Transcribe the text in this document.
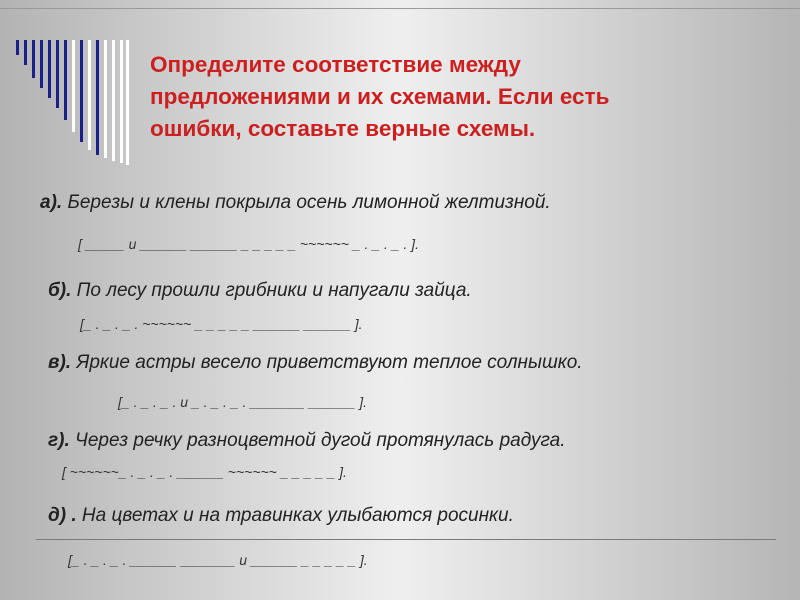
Определите соответствие между предложениями и их схемами. Если есть ошибки, составьте верные схемы.
а). Березы и клены покрыла осень лимонной желтизной.
[ _____ и ______ ______ _ _ _ _ _ ~~~~~~ _ . _ . _ . ].
б). По лесу прошли грибники и напугали зайца.
[_ . _ . _ . ~~~~~~ _ _ _ _ _ ______ ______ ].
в). Яркие астры весело приветствуют теплое солнышко.
[_ . _ . _ . и _ . _ . _ . _______ ______ ].
г). Через речку разноцветной дугой протянулась радуга.
[ ~~~~~~_ . _ . _ . ______ ~~~~~~ _ _ _ _ _ ].
д) . На цветах и на травинках улыбаются росинки.
[_ . _ . _ . ______ _______ и ______ _ _ _ _ _ ].
